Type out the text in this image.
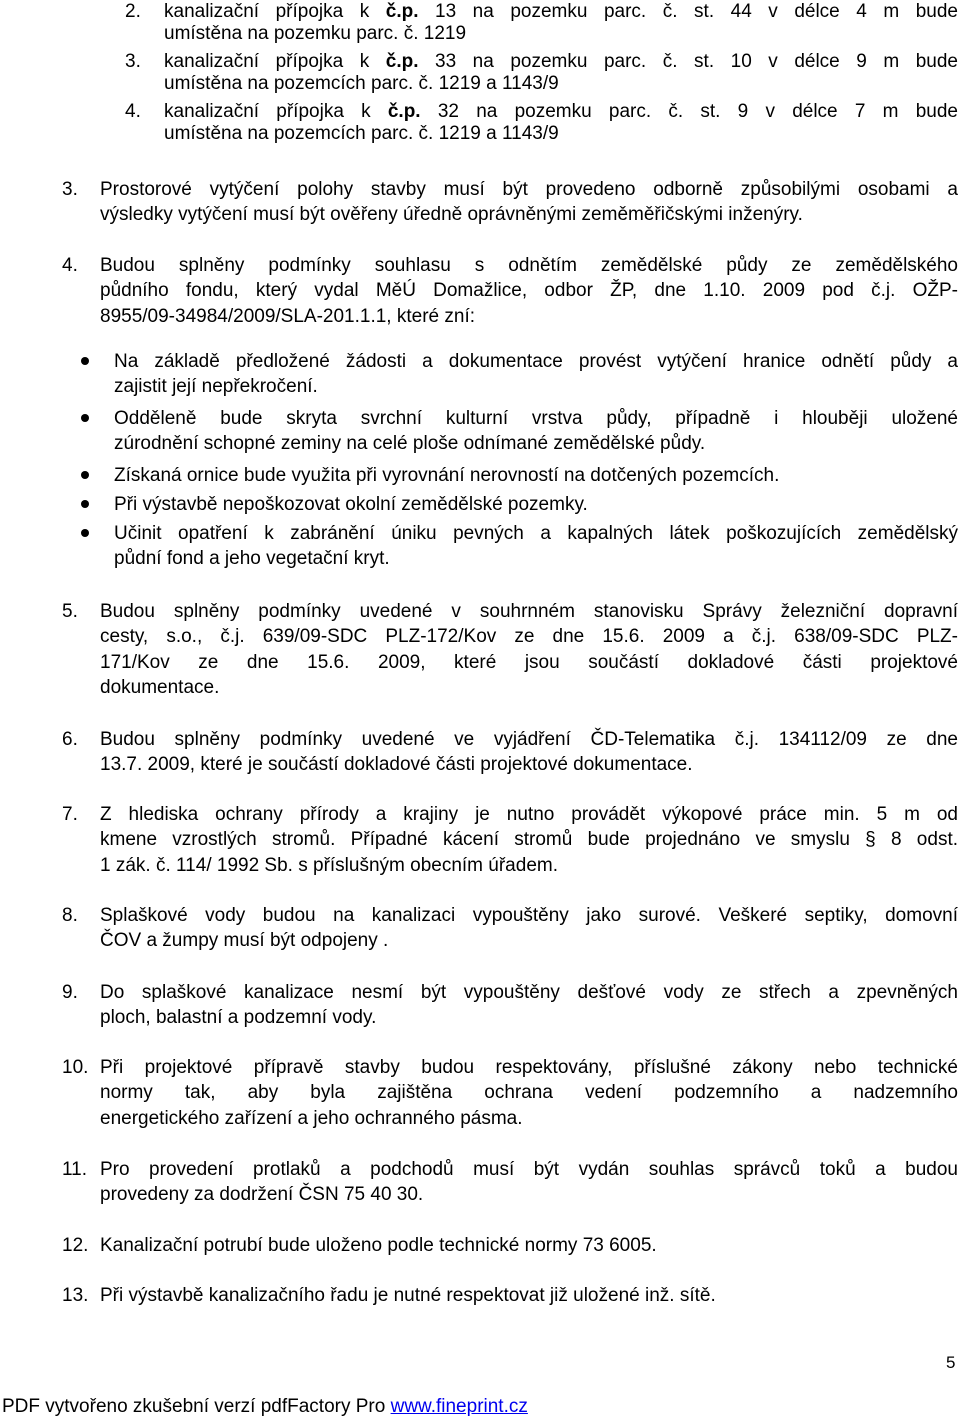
2. kanalizační přípojka k č.p. 13 na pozemku parc. č. st. 44 v délce 4 m bude
umístěna na pozemku parc. č. 1219
3. kanalizační přípojka k č.p. 33 na pozemku parc. č. st. 10 v délce 9 m bude
umístěna na pozemcích parc. č. 1219 a 1143/9
4. kanalizační přípojka k č.p. 32 na pozemku parc. č. st. 9 v délce 7 m bude
umístěna na pozemcích parc. č. 1219 a 1143/9
3. Prostorové vytýčení polohy stavby musí být provedeno odborně způsobilými osobami a
výsledky vytýčení musí být ověřeny úředně oprávněnými zeměměřičskými inženýry.
4. Budou splněny podmínky souhlasu s odnětím zemědělské půdy ze zemědělského
půdního fondu, který vydal MěÚ Domažlice, odbor ŽP, dne 1.10. 2009 pod č.j. OŽP-
8955/09-34984/2009/SLA-201.1.1, které zní:
Na základě předložené žádosti a dokumentace provést vytýčení hranice odnětí půdy a
zajistit její nepřekročení.
Odděleně bude skryta svrchní kulturní vrstva půdy, případně i hlouběji uložené
zúrodnění schopné zeminy na celé ploše odnímané zemědělské půdy.
Získaná ornice bude využita při vyrovnání nerovností na dotčených pozemcích.
Při výstavbě nepoškozovat okolní zemědělské pozemky.
Učinit opatření k zabránění úniku pevných a kapalných látek poškozujících zemědělský
půdní fond a jeho vegetační kryt.
5. Budou splněny podmínky uvedené v souhrnném stanovisku Správy železniční dopravní
cesty, s.o., č.j. 639/09-SDC PLZ-172/Kov ze dne 15.6. 2009 a č.j. 638/09-SDC PLZ-
171/Kov ze dne 15.6. 2009, které jsou součástí dokladové části projektové
dokumentace.
6. Budou splněny podmínky uvedené ve vyjádření ČD-Telematika č.j. 134112/09 ze dne
13.7. 2009, které je součástí dokladové části projektové dokumentace.
7. Z hlediska ochrany přírody a krajiny je nutno provádět výkopové práce min. 5 m od
kmene vzrostlých stromů. Případné kácení stromů bude projednáno ve smyslu § 8 odst.
1 zák. č. 114/ 1992 Sb. s příslušným obecním úřadem.
8. Splaškové vody budou na kanalizaci vypouštěny jako surové. Veškeré septiky, domovní
ČOV a žumpy musí být odpojeny .
9. Do splaškové kanalizace nesmí být vypouštěny dešťové vody ze střech a zpevněných
ploch, balastní a podzemní vody.
10. Při projektové přípravě stavby budou respektovány, příslušné zákony nebo technické
normy tak, aby byla zajištěna ochrana vedení podzemního a nadzemního
energetického zařízení a jeho ochranného pásma.
11. Pro provedení protlaků a podchodů musí být vydán souhlas správců toků a budou
provedeny za dodržení ČSN 75 40 30.
12. Kanalizační potrubí bude uloženo podle technické normy 73 6005.
13. Při výstavbě kanalizačního řadu je nutné respektovat již uložené inž. sítě.
5
PDF vytvořeno zkušební verzí pdfFactory Pro www.fineprint.cz
